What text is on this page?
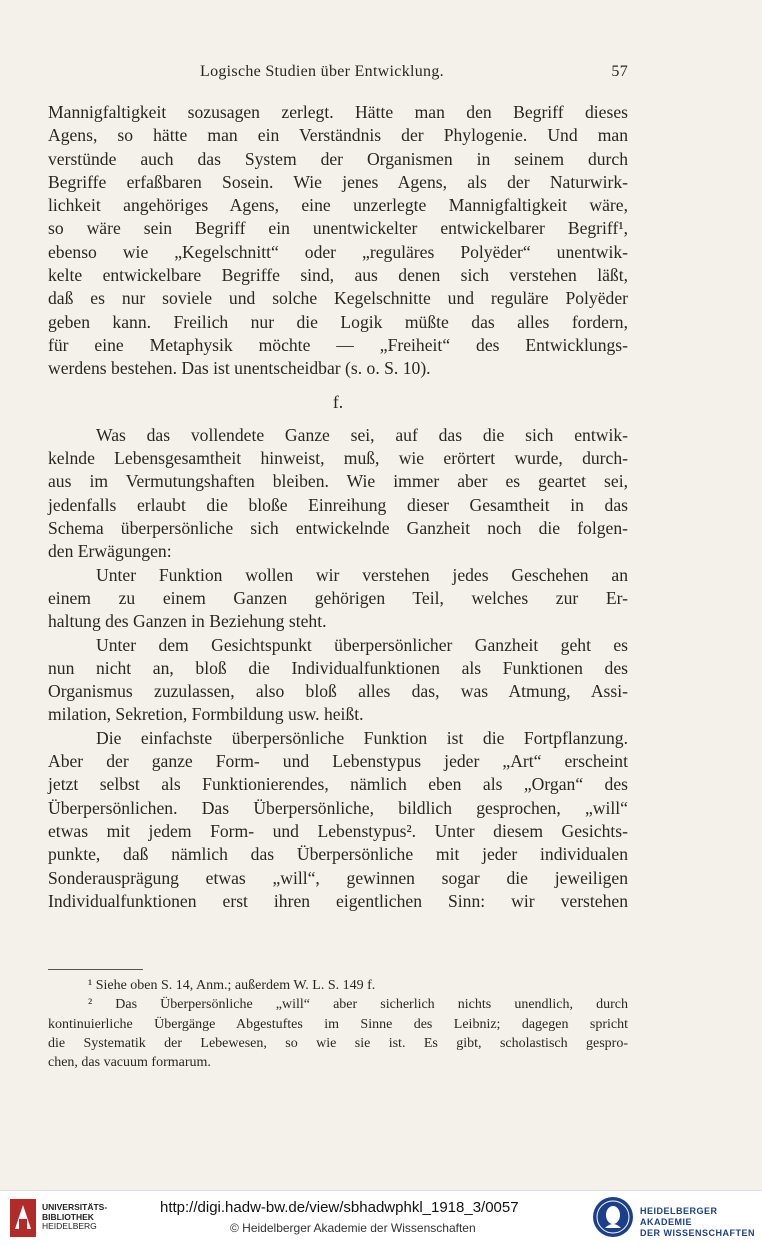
Logische Studien über Entwicklung.	57
Mannigfaltigkeit sozusagen zerlegt. Hätte man den Begriff dieses
Agens, so hätte man ein Verständnis der Phylogenie. Und man
verstünde auch das System der Organismen in seinem durch
Begriffe erfaßbaren Sosein. Wie jenes Agens, als der Naturwirk-
lichkeit angehöriges Agens, eine unzerlegte Mannigfaltigkeit wäre,
so wäre sein Begriff ein unentwickelter entwickelbarer Begriff¹,
ebenso wie „Kegelschnitt“ oder „reguläres Polyëder“ unentwik-
kelte entwickelbare Begriffe sind, aus denen sich verstehen läßt,
daß es nur soviele und solche Kegelschnitte und reguläre Polyëder
geben kann. Freilich nur die Logik müßte das alles fordern,
für eine Metaphysik möchte — „Freiheit“ des Entwicklungs-
werdens bestehen. Das ist unentscheidbar (s. o. S. 10).
f.
Was das vollendete Ganze sei, auf das die sich entwik-
kelnde Lebensgesamtheit hinweist, muß, wie erörtert wurde, durch-
aus im Vermutungshaften bleiben. Wie immer aber es geartet sei,
jedenfalls erlaubt die bloße Einreihung dieser Gesamtheit in das
Schema überpersönliche sich entwickelnde Ganzheit noch die folgen-
den Erwägungen:
Unter Funktion wollen wir verstehen jedes Geschehen an
einem zu einem Ganzen gehörigen Teil, welches zur Er-
haltung des Ganzen in Beziehung steht.
Unter dem Gesichtspunkt überpersönlicher Ganzheit geht es
nun nicht an, bloß die Individualfunktionen als Funktionen des
Organismus zuzulassen, also bloß alles das, was Atmung, Assi-
milation, Sekretion, Formbildung usw. heißt.
Die einfachste überpersönliche Funktion ist die Fortpflanzung.
Aber der ganze Form- und Lebenstypus jeder „Art“ erscheint
jetzt selbst als Funktionierendes, nämlich eben als „Organ“ des
Überpersönlichen. Das Überpersönliche, bildlich gesprochen, „will“
etwas mit jedem Form- und Lebenstypus². Unter diesem Gesichts-
punkte, daß nämlich das Überpersönliche mit jeder individualen
Sonderausprägung etwas „will“, gewinnen sogar die jeweiligen
Individualfunktionen erst ihren eigentlichen Sinn: wir verstehen
¹ Siehe oben S. 14, Anm.; außerdem W. L. S. 149 f.
² Das Überpersönliche „will“ aber sicherlich nichts unendlich, durch
kontinuierliche Übergänge Abgestuftes im Sinne des Leibniz; dagegen spricht
die Systematik der Lebewesen, so wie sie ist. Es gibt, scholastisch gespro-
chen, das vacuum formarum.
UNIVERSITÄTS-
BIBLIOTHEK
HEIDELBERG
http://digi.hadw-bw.de/view/sbhadwphkl_1918_3/0057
© Heidelberger Akademie der Wissenschaften
HEIDELBERGER AKADEMIE
DER WISSENSCHAFTEN
